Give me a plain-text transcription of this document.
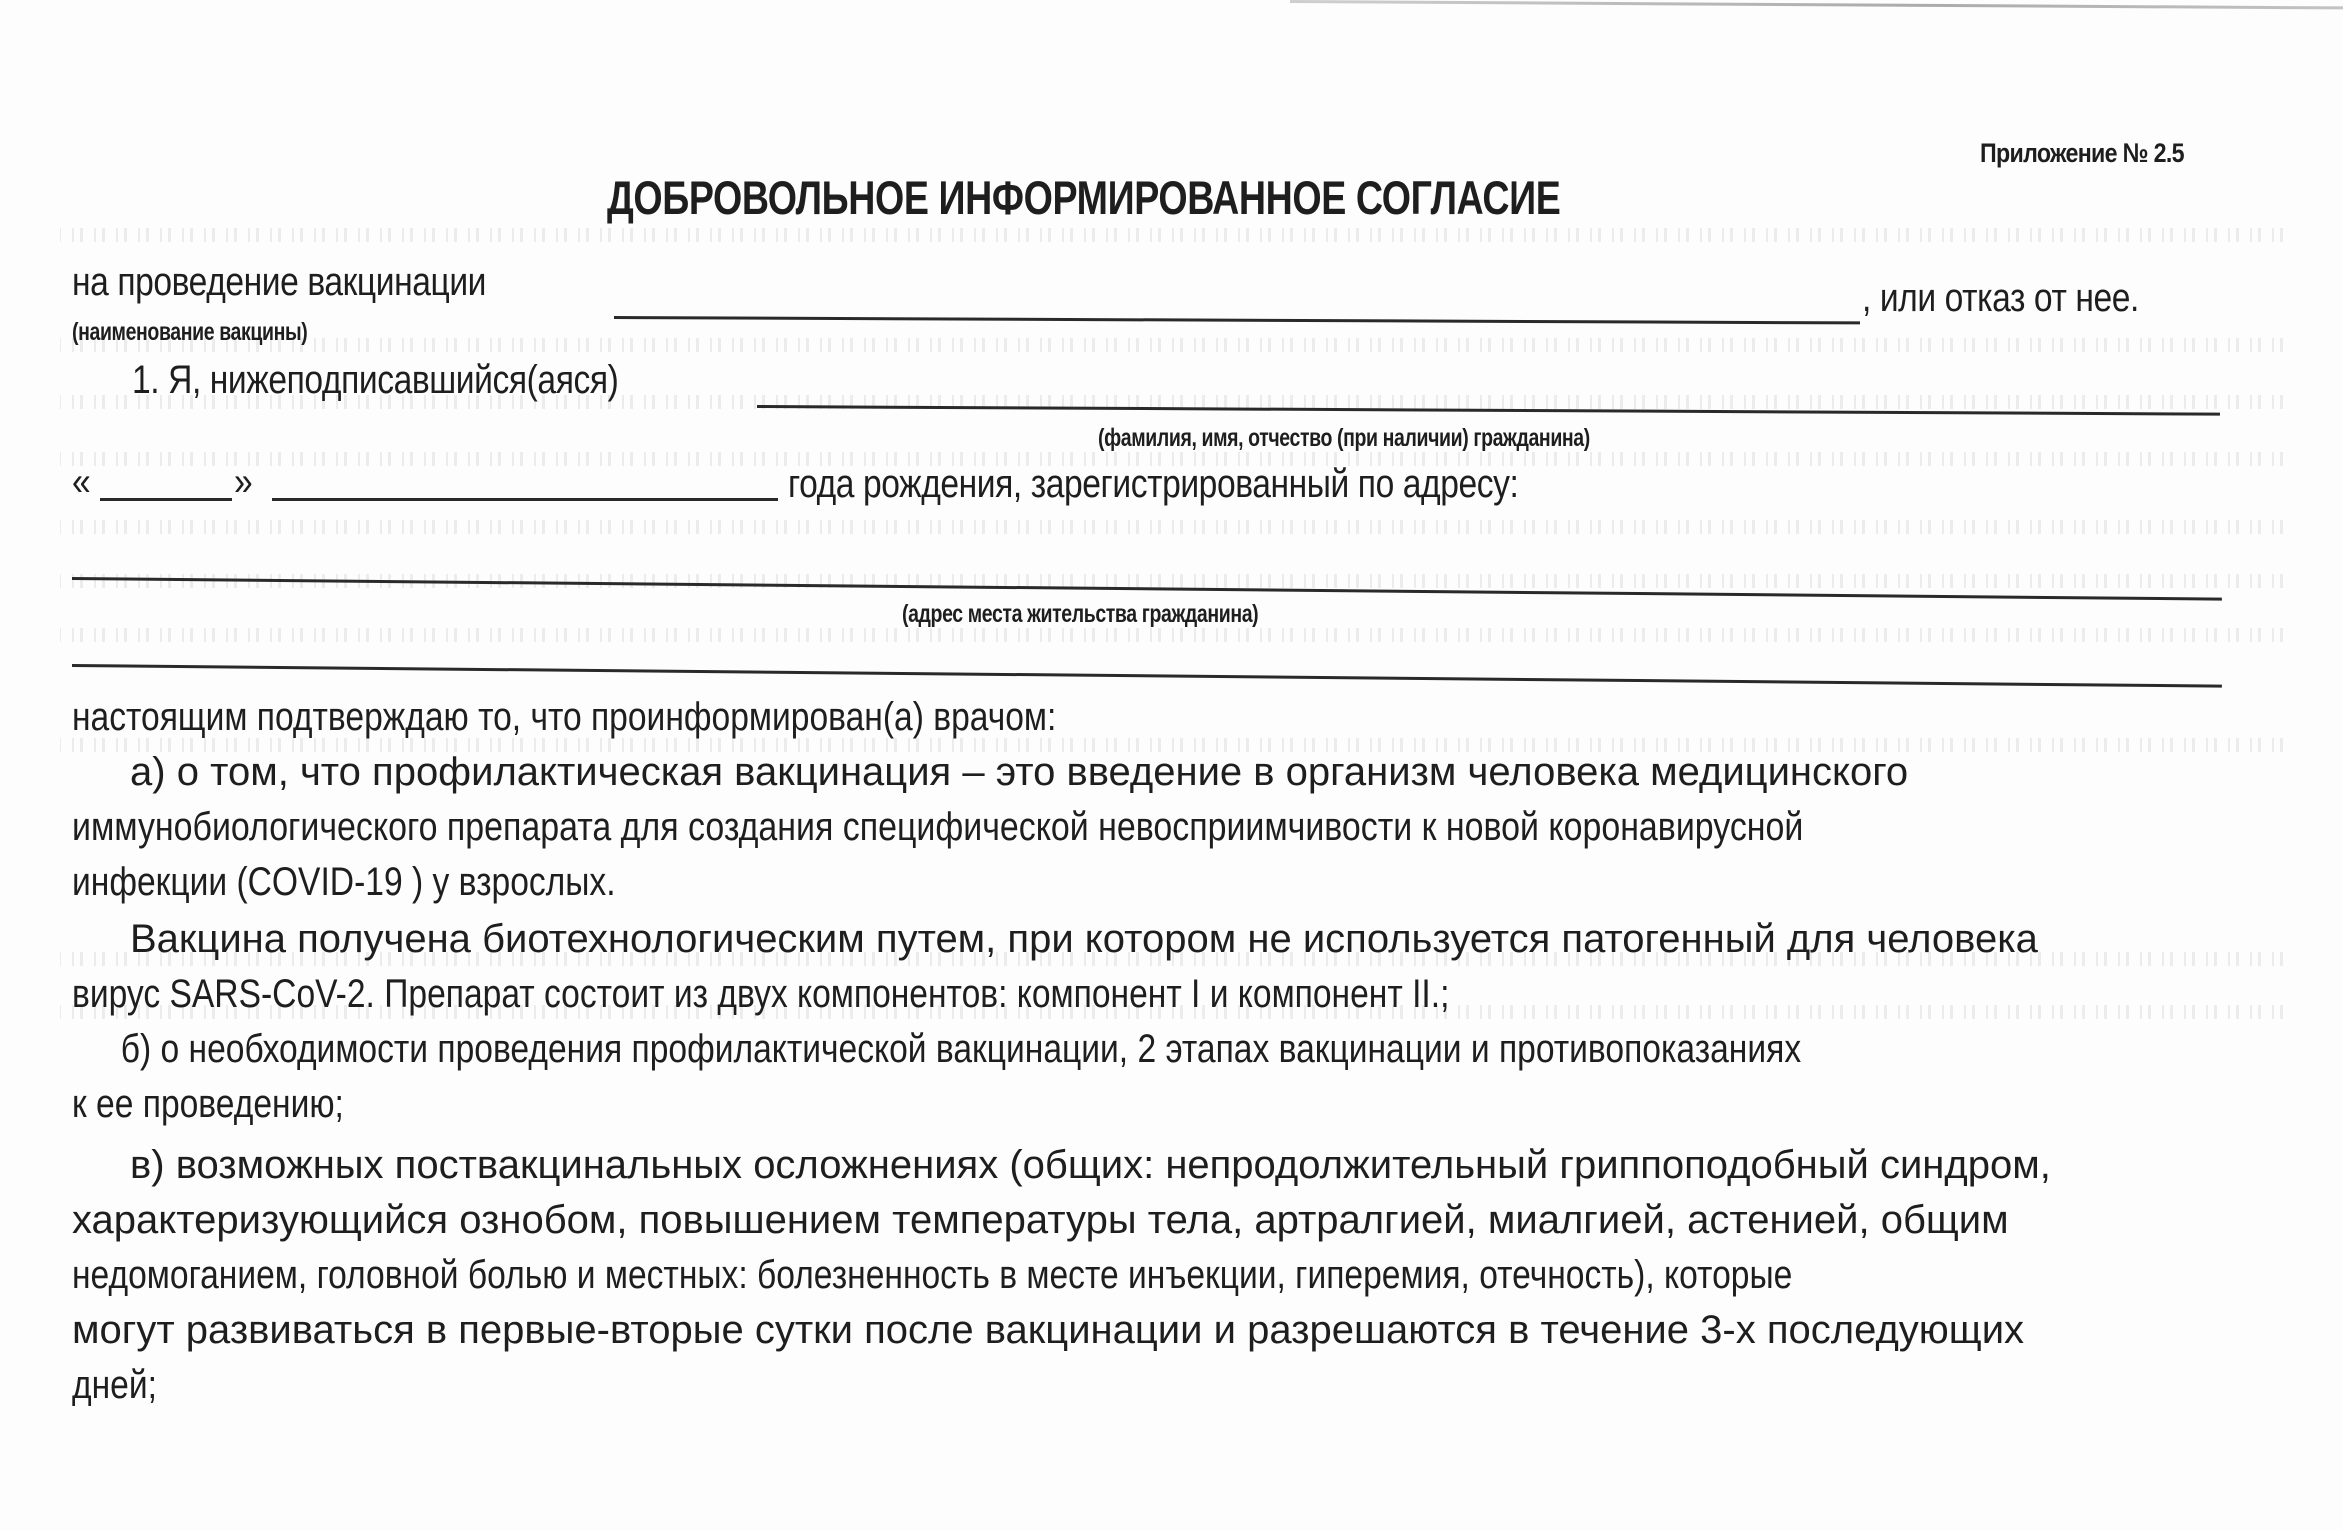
Приложение № 2.5
ДОБРОВОЛЬНОЕ ИНФОРМИРОВАННОЕ СОГЛАСИЕ
на проведение вакцинации	, или отказ от нее.
(наименование вакцины)
1. Я, нижеподписавшийся(аяся)
(фамилия, имя, отчество (при наличии) гражданина)
«	»	года рождения, зарегистрированный по адресу:
(адрес места жительства гражданина)
настоящим подтверждаю то, что проинформирован(а) врачом:
а) о том, что профилактическая вакцинация – это введение в организм человека медицинского
иммунобиологического препарата для создания специфической невосприимчивости к новой коронавирусной
инфекции (COVID-19 ) у взрослых.
Вакцина получена биотехнологическим путем, при котором не используется патогенный для человека
вирус SARS-CoV-2. Препарат состоит из двух компонентов: компонент I и компонент II.;
б) о необходимости проведения профилактической вакцинации, 2 этапах вакцинации и противопоказаниях
к ее проведению;
в) возможных поствакцинальных осложнениях (общих: непродолжительный гриппоподобный синдром,
характеризующийся ознобом, повышением температуры тела, артралгией, миалгией, астенией, общим
недомоганием, головной болью и местных: болезненность в месте инъекции, гиперемия, отечность), которые
могут развиваться в первые-вторые сутки после вакцинации и разрешаются в течение 3-х последующих
дней;
